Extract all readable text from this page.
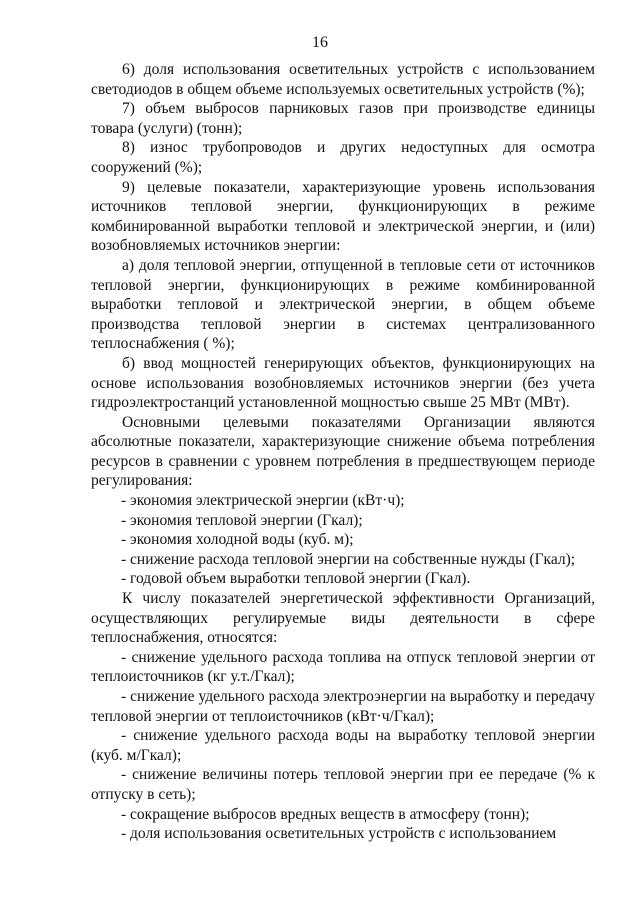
16

6) доля использования осветительных устройств с использованием светодиодов в общем объеме используемых осветительных устройств (%);

7) объем выбросов парниковых газов при производстве единицы товара (услуги) (тонн);

8) износ трубопроводов и других недоступных для осмотра сооружений (%);

9) целевые показатели, характеризующие уровень использования источников тепловой энергии, функционирующих в режиме комбинированной выработки тепловой и электрической энергии, и (или) возобновляемых источников энергии:

а) доля тепловой энергии, отпущенной в тепловые сети от источников тепловой энергии, функционирующих в режиме комбинированной выработки тепловой и электрической энергии, в общем объеме производства тепловой энергии в системах централизованного теплоснабжения ( %);

б) ввод мощностей генерирующих объектов, функционирующих на основе использования возобновляемых источников энергии (без учета гидроэлектростанций установленной мощностью свыше 25 МВт (МВт).

Основными целевыми показателями Организации являются абсолютные показатели, характеризующие снижение объема потребления ресурсов в сравнении с уровнем потребления в предшествующем периоде регулирования:

- экономия электрической энергии (кВт·ч);

- экономия тепловой энергии (Гкал);

- экономия холодной воды (куб. м);

- снижение расхода тепловой энергии на собственные нужды (Гкал);

- годовой объем выработки тепловой энергии (Гкал).

К числу показателей энергетической эффективности Организаций, осуществляющих регулируемые виды деятельности в сфере теплоснабжения, относятся:

- снижение удельного расхода топлива на отпуск тепловой энергии от теплоисточников (кг у.т./Гкал);

- снижение удельного расхода электроэнергии на выработку и передачу тепловой энергии от теплоисточников (кВт·ч/Гкал);

- снижение удельного расхода воды на выработку тепловой энергии (куб. м/Гкал);

- снижение величины потерь тепловой энергии при ее передаче (% к отпуску в сеть);

- сокращение выбросов вредных веществ в атмосферу (тонн);

- доля использования осветительных устройств с использованием
